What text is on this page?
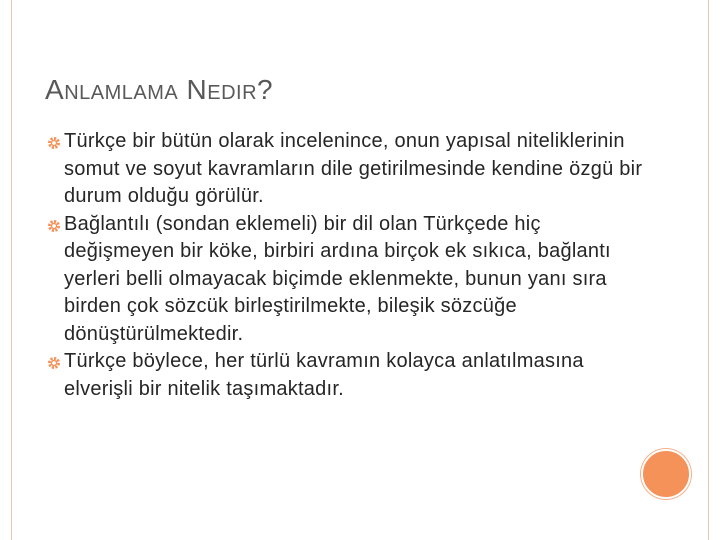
ANLAMLAMA NEDIR?
Türkçe bir bütün olarak incelenince, onun yapısal niteliklerinin somut ve soyut kavramların dile getirilmesinde kendine özgü bir durum olduğu görülür.
Bağlantılı (sondan eklemeli) bir dil olan Türkçede hiç değişmeyen bir köke, birbiri ardına birçok ek sıkıca, bağlantı yerleri belli olmayacak biçimde eklenmekte, bunun yanı sıra birden çok sözcük birleştirilmekte, bileşik sözcüğe dönüştürülmektedir.
Türkçe böylece, her türlü kavramın kolayca anlatılmasına elverişli bir nitelik taşımaktadır.
